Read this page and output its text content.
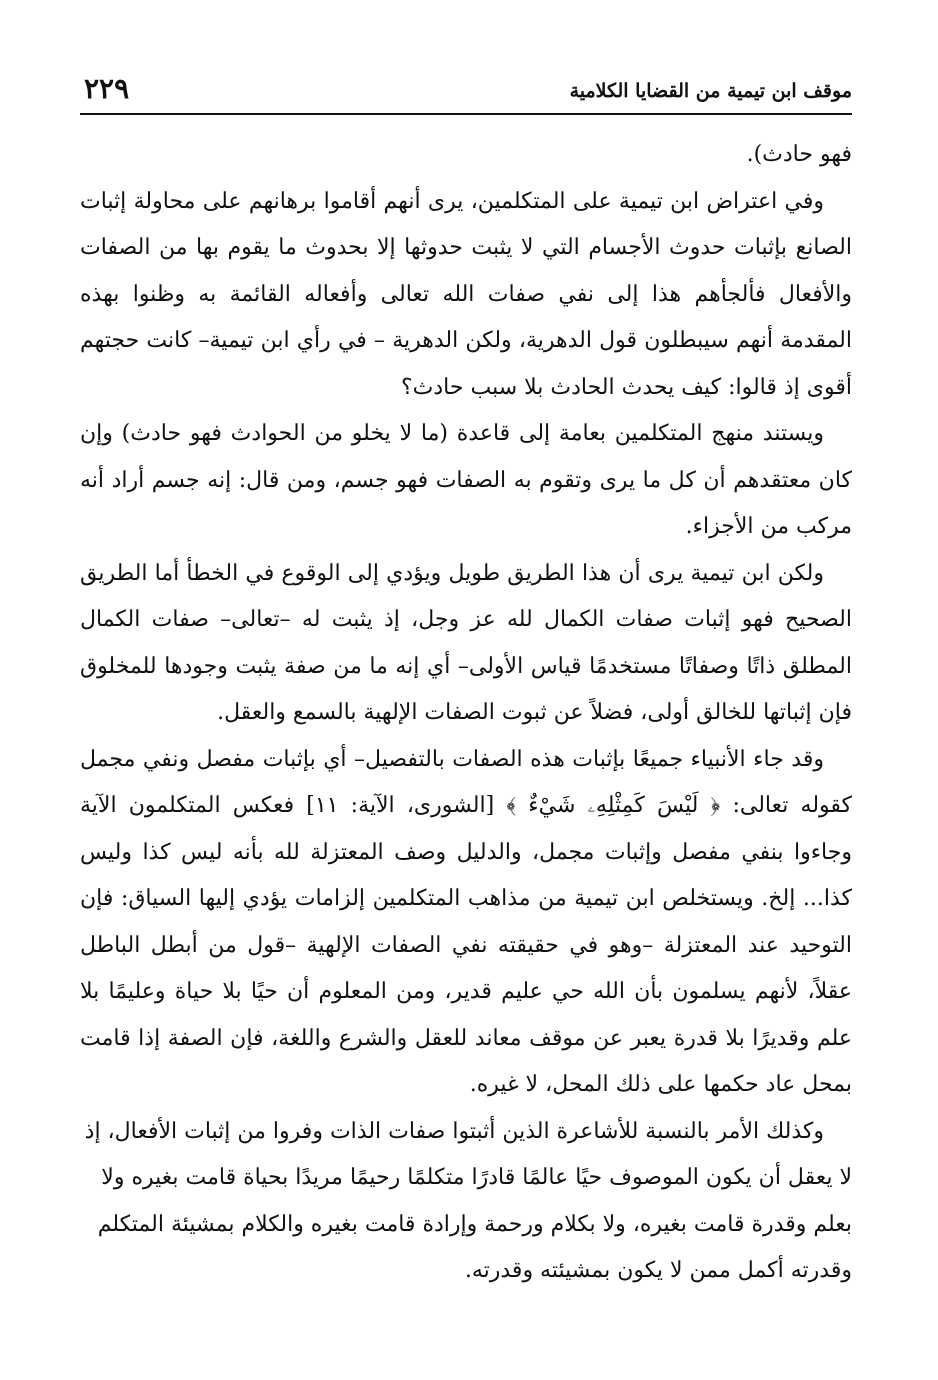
موقف ابن تيمية من القضايا الكلامية
٢٢٩

فهو حادث).

وفي اعتراض ابن تيمية على المتكلمين، يرى أنهم أقاموا برهانهم على محاولة إثبات الصانع بإثبات حدوث الأجسام التي لا يثبت حدوثها إلا بحدوث ما يقوم بها من الصفات والأفعال فألجأهم هذا إلى نفي صفات الله تعالى وأفعاله القائمة به وظنوا بهذه المقدمة أنهم سيبطلون قول الدهرية، ولكن الدهرية – في رأي ابن تيمية– كانت حجتهم أقوى إذ قالوا: كيف يحدث الحادث بلا سبب حادث؟

ويستند منهج المتكلمين بعامة إلى قاعدة (ما لا يخلو من الحوادث فهو حادث) وإن كان معتقدهم أن كل ما يرى وتقوم به الصفات فهو جسم، ومن قال: إنه جسم أراد أنه مركب من الأجزاء.

ولكن ابن تيمية يرى أن هذا الطريق طويل ويؤدي إلى الوقوع في الخطأ أما الطريق الصحيح فهو إثبات صفات الكمال لله عز وجل، إذ يثبت له –تعالى– صفات الكمال المطلق ذاتًا وصفاتًا مستخدمًا قياس الأولى– أي إنه ما من صفة يثبت وجودها للمخلوق فإن إثباتها للخالق أولى، فضلاً عن ثبوت الصفات الإلهية بالسمع والعقل.

وقد جاء الأنبياء جميعًا بإثبات هذه الصفات بالتفصيل– أي بإثبات مفصل ونفي مجمل كقوله تعالى: ﴿ لَيْسَ كَمِثْلِهِۦ شَيْءٌ ﴾ [الشورى، الآية: ١١] فعكس المتكلمون الآية وجاءوا بنفي مفصل وإثبات مجمل، والدليل وصف المعتزلة لله بأنه ليس كذا وليس كذا... إلخ. ويستخلص ابن تيمية من مذاهب المتكلمين إلزامات يؤدي إليها السياق: فإن التوحيد عند المعتزلة –وهو في حقيقته نفي الصفات الإلهية –قول من أبطل الباطل عقلاً، لأنهم يسلمون بأن الله حي عليم قدير، ومن المعلوم أن حيًا بلا حياة وعليمًا بلا علم وقديرًا بلا قدرة يعبر عن موقف معاند للعقل والشرع واللغة، فإن الصفة إذا قامت بمحل عاد حكمها على ذلك المحل، لا غيره.

وكذلك الأمر بالنسبة للأشاعرة الذين أثبتوا صفات الذات وفروا من إثبات الأفعال، إذ لا يعقل أن يكون الموصوف حيًا عالمًا قادرًا متكلمًا رحيمًا مريدًا بحياة قامت بغيره ولا بعلم وقدرة قامت بغيره، ولا بكلام ورحمة وإرادة قامت بغيره والكلام بمشيئة المتكلم وقدرته أكمل ممن لا يكون بمشيئته وقدرته.
